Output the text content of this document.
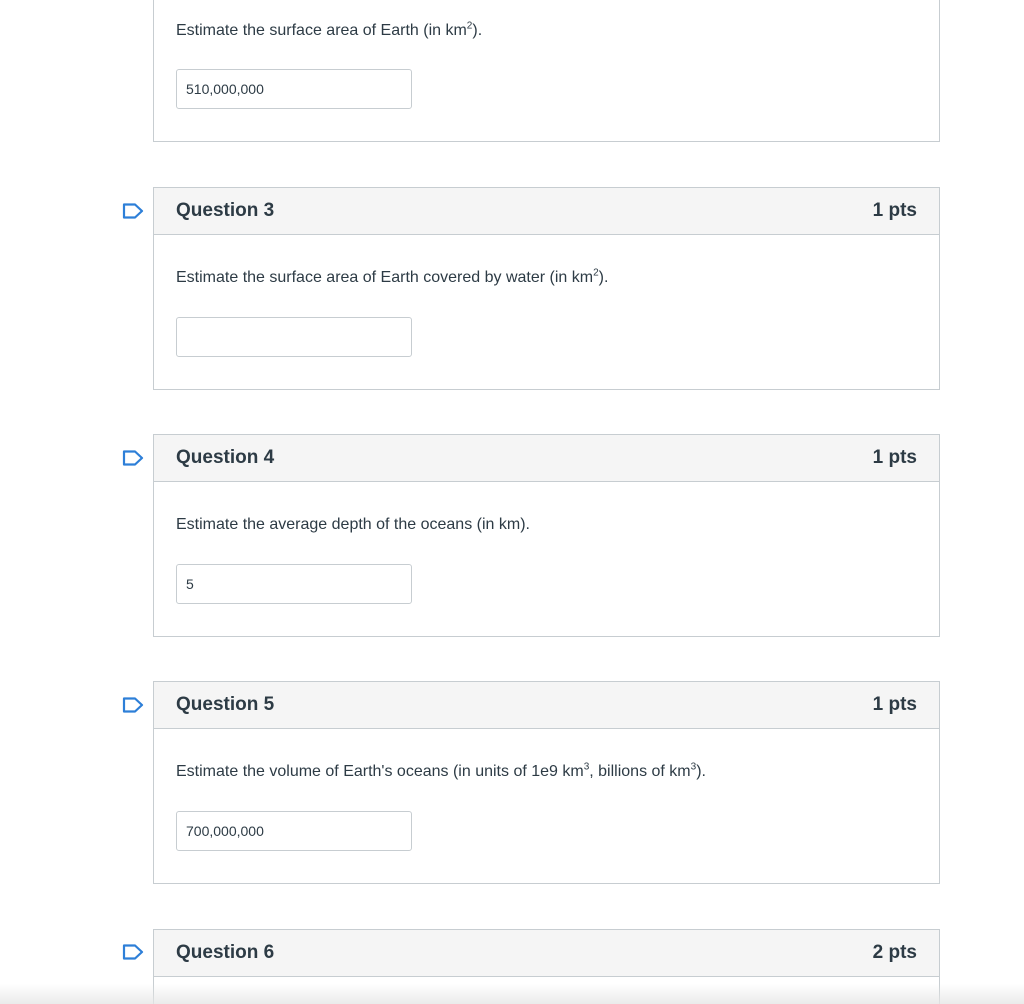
Estimate the surface area of Earth (in $km^2$).
510,000,000
Question 3	1 pts
Estimate the surface area of Earth covered by water (in $km^2$).
Question 4	1 pts
Estimate the average depth of the oceans (in km).
5
Question 5	1 pts
Estimate the volume of Earth's oceans (in units of 1e9 $km^3$, billions of $km^3$).
700,000,000
Question 6	2 pts
